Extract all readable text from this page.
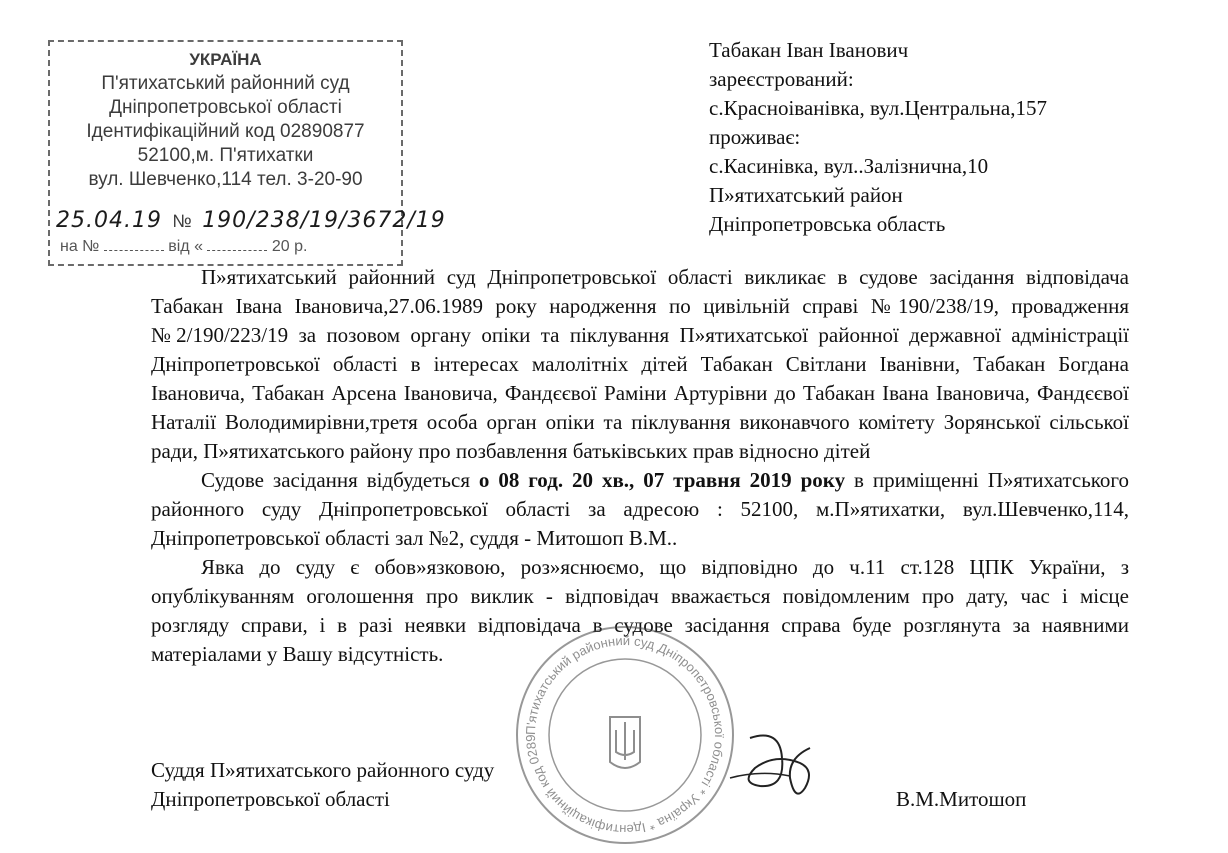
УКРАЇНА
П'ятихатський районний суд
Дніпропетровської області
Ідентифікаційний код 02890877
52100,м. П'ятихатки
вул. Шевченко,114 тел. 3-20-90
25.04.19 № 190/238/19/3672/19
на №	від «	20 р.
Табакан Іван Іванович
зареєстрований:
с.Красноіванівка, вул.Центральна,157
проживає:
с.Касинівка, вул..Залізнична,10
П»ятихатський район
Дніпропетровська область

П»ятихатський районний суд Дніпропетровської області викликає в судове засідання відповідача Табакан Івана Івановича,27.06.1989 року народження по цивільній справі №190/238/19, провадження №2/190/223/19 за позовом органу опіки та піклування П»ятихатської районної державної адміністрації Дніпропетровської області в інтересах малолітніх дітей Табакан Світлани Іванівни, Табакан Богдана Івановича, Табакан Арсена Івановича, Фандєєвої Раміни Артурівни до Табакан Івана Івановича, Фандєєвої Наталії Володимирівни,третя особа орган опіки та піклування виконавчого комітету Зорянської сільської ради, П»ятихатського району про позбавлення батьківських прав відносно дітей

Судове засідання відбудеться о 08 год. 20 хв., 07 травня 2019 року в приміщенні П»ятихатського районного суду Дніпропетровської області за адресою : 52100, м.П»ятихатки, вул.Шевченко,114, Дніпропетровської області зал №2, суддя - Митошоп В.М..

Явка до суду є обов»язковою, роз»яснюємо, що відповідно до ч.11 ст.128 ЦПК України, з опублікуванням оголошення про виклик - відповідач вважається повідомленим про дату, час і місце розгляду справи, і в разі неявки відповідача в судове засідання справа буде розглянута за наявними матеріалами у Вашу відсутність.

П'ятихатський районний суд Дніпропетровської області * Україна * Ідентифікаційний код 0289
Суддя П»ятихатського районного суду
Дніпропетровської області	В.М.Митошоп
